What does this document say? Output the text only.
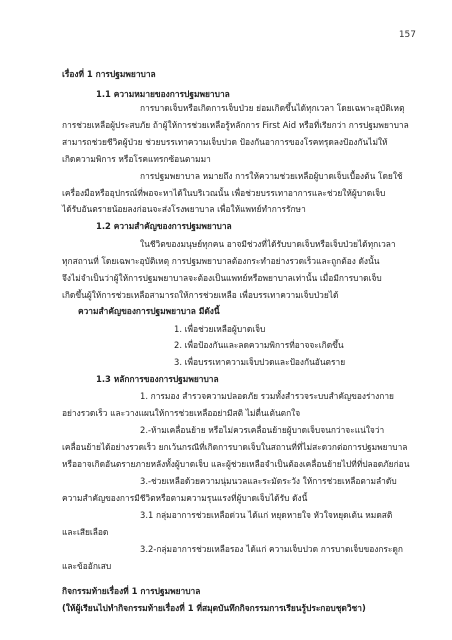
157
เรื่องที่ 1 การปฐมพยาบาล
1.1 ความหมายของการปฐมพยาบาล
การบาดเจ็บหรือเกิดการเจ็บป่วย ย่อมเกิดขึ้นได้ทุกเวลา โดยเฉพาะอุบัติเหตุ
การช่วยเหลือผู้ประสบภัย ถ้าผู้ให้การช่วยเหลือรู้หลักการ First Aid หรือที่เรียกว่า การปฐมพยาบาล
สามารถช่วยชีวิตผู้ป่วย ช่วยบรรเทาความเจ็บปวด ป้องกันอาการของโรคทรุดลงป้องกันไม่ให้
เกิดความพิการ หรือโรคแทรกซ้อนตามมา
การปฐมพยาบาล หมายถึง การให้ความช่วยเหลือผู้บาดเจ็บเบื้องต้น โดยใช้
เครื่องมือหรืออุปกรณ์ที่พอจะหาได้ในบริเวณนั้น เพื่อช่วยบรรเทาอาการและช่วยให้ผู้บาดเจ็บ
ได้รับอันตรายน้อยลงก่อนจะส่งโรงพยาบาล เพื่อให้แพทย์ทำการรักษา
1.2 ความสำคัญของการปฐมพยาบาล
ในชีวิตของมนุษย์ทุกคน อาจมีช่วงที่ได้รับบาดเจ็บหรือเจ็บป่วยได้ทุกเวลา
ทุกสถานที่ โดยเฉพาะอุบัติเหตุ การปฐมพยาบาลต้องกระทำอย่างรวดเร็วและถูกต้อง ดังนั้น
จึงไม่จำเป็นว่าผู้ให้การปฐมพยาบาลจะต้องเป็นแพทย์หรือพยาบาลเท่านั้น เมื่อมีการบาดเจ็บ
เกิดขึ้นผู้ให้การช่วยเหลือสามารถให้การช่วยเหลือ เพื่อบรรเทาความเจ็บป่วยได้
ความสำคัญของการปฐมพยาบาล มีดังนี้
1. เพื่อช่วยเหลือผู้บาดเจ็บ
2. เพื่อป้องกันและลดความพิการที่อาจจะเกิดขึ้น
3. เพื่อบรรเทาความเจ็บปวดและป้องกันอันตราย
1.3 หลักการของการปฐมพยาบาล
1. การมอง สำรวจความปลอดภัย รวมทั้งสำรวจระบบสำคัญของร่างกาย
อย่างรวดเร็ว และวางแผนให้การช่วยเหลืออย่ามีสติ ไม่ตื่นเต้นตกใจ
2.-ห้ามเคลื่อนย้าย หรือไม่ควรเคลื่อนย้ายผู้บาดเจ็บจนกว่าจะแน่ใจว่า
เคลื่อนย้ายได้อย่างรวดเร็ว ยกเว้นกรณีที่เกิดการบาดเจ็บในสถานที่ที่ไม่สะดวกต่อการปฐมพยาบาล
หรืออาจเกิดอันตรายภายหลังทั้งผู้บาดเจ็บ และผู้ช่วยเหลือจำเป็นต้องเคลื่อนย้ายไปที่ที่ปลอดภัยก่อน
3.-ช่วยเหลือด้วยความนุ่มนวลและระมัดระวัง ให้การช่วยเหลือตามลำดับ
ความสำคัญของการมีชีวิตหรือตามความรุนแรงที่ผู้บาดเจ็บได้รับ ดังนี้
3.1 กลุ่มอาการช่วยเหลือด่วน ได้แก่ หยุดหายใจ หัวใจหยุดเต้น หมดสติ
และเสียเลือด
3.2-กลุ่มอาการช่วยเหลือรอง ได้แก่ ความเจ็บปวด การบาดเจ็บของกระดูก
และข้ออักเสบ
กิจกรรมท้ายเรื่องที่ 1 การปฐมพยาบาล
(ให้ผู้เรียนไปทำกิจกรรมท้ายเรื่องที่ 1 ที่สมุดบันทึกกิจกรรมการเรียนรู้ประกอบชุดวิชา)
